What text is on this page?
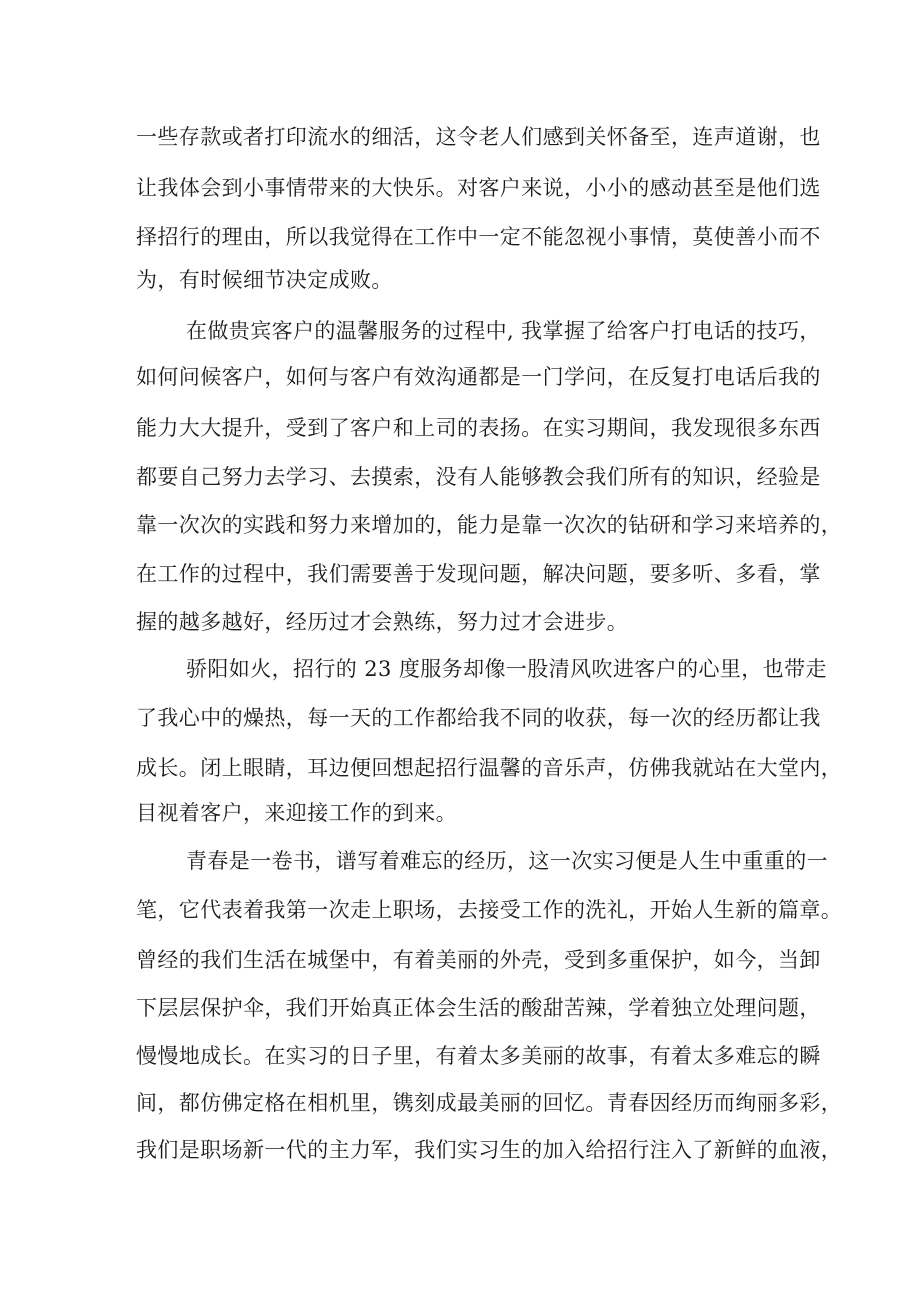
一些存款或者打印流水的细活，这令老人们感到关怀备至，连声道谢，也
让我体会到小事情带来的大快乐。对客户来说，小小的感动甚至是他们选
择招行的理由，所以我觉得在工作中一定不能忽视小事情，莫使善小而不
为，有时候细节决定成败。
在做贵宾客户的温馨服务的过程中, 我掌握了给客户打电话的技巧，
如何问候客户，如何与客户有效沟通都是一门学问，在反复打电话后我的
能力大大提升，受到了客户和上司的表扬。在实习期间，我发现很多东西
都要自己努力去学习、去摸索，没有人能够教会我们所有的知识，经验是
靠一次次的实践和努力来增加的，能力是靠一次次的钻研和学习来培养的，
在工作的过程中，我们需要善于发现问题，解决问题，要多听、多看，掌
握的越多越好，经历过才会熟练，努力过才会进步。
骄阳如火，招行的 23 度服务却像一股清风吹进客户的心里，也带走
了我心中的燥热，每一天的工作都给我不同的收获，每一次的经历都让我
成长。闭上眼睛，耳边便回想起招行温馨的音乐声，仿佛我就站在大堂内，
目视着客户，来迎接工作的到来。
青春是一卷书，谱写着难忘的经历，这一次实习便是人生中重重的一
笔，它代表着我第一次走上职场，去接受工作的洗礼，开始人生新的篇章。
曾经的我们生活在城堡中，有着美丽的外壳，受到多重保护，如今，当卸
下层层保护伞，我们开始真正体会生活的酸甜苦辣，学着独立处理问题，
慢慢地成长。在实习的日子里，有着太多美丽的故事，有着太多难忘的瞬
间，都仿佛定格在相机里，镌刻成最美丽的回忆。青春因经历而绚丽多彩，
我们是职场新一代的主力军，我们实习生的加入给招行注入了新鲜的血液，
